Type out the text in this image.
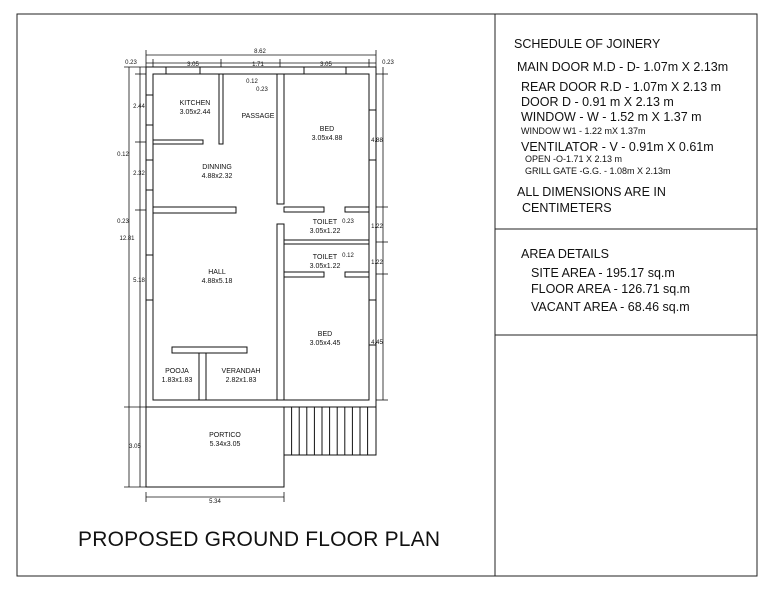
KITCHEN
3.05x2.44
PASSAGE
BED
3.05x4.88
DINNING
4.88x2.32
TOILET
3.05x1.22
TOILET
3.05x1.22
HALL
4.88x5.18
BED
3.05x4.45
POOJA
1.83x1.83
VERANDAH
2.82x1.83
PORTICO
5.34x3.05
8.62
0.23	3.05	1.71	3.05	0.23
0.12
0.23
2.44
0.12
2.32
0.23
12.81
5.18
3.05
5.34
4.88
0.23
1.22
0.12
1.22
4.45
SCHEDULE OF JOINERY
MAIN DOOR M.D - D- 1.07m X 2.13m
REAR DOOR R.D - 1.07m X 2.13 m
DOOR D - 0.91 m X 2.13 m
WINDOW - W - 1.52 m X 1.37 m
WINDOW W1 - 1.22 mX 1.37m
VENTILATOR - V - 0.91m X 0.61m
OPEN -O-1.71 X 2.13 m
GRILL GATE -G.G. - 1.08m X 2.13m
ALL DIMENSIONS ARE IN
CENTIMETERS
AREA DETAILS
SITE AREA - 195.17 sq.m
FLOOR AREA - 126.71 sq.m
VACANT AREA - 68.46 sq.m
PROPOSED GROUND FLOOR PLAN
